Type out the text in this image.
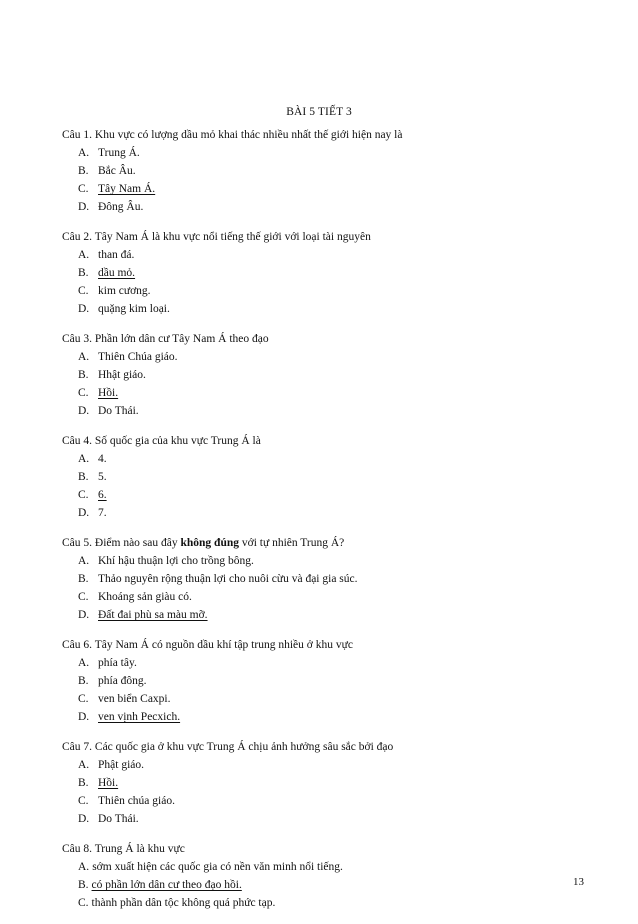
BÀI 5 TIẾT 3
Câu 1. Khu vực có lượng dầu mỏ khai thác nhiều nhất thế giới hiện nay là
A. Trung Á.
B. Bắc Âu.
C. Tây Nam Á.
D. Đông Âu.
Câu 2. Tây Nam Á là khu vực nổi tiếng thế giới với loại tài nguyên
A. than đá.
B. dầu mỏ.
C. kim cương.
D. quặng kim loại.
Câu 3. Phần lớn dân cư Tây Nam Á theo đạo
A. Thiên Chúa giáo.
B. Hhật giáo.
C. Hồi.
D. Do Thái.
Câu 4. Số quốc gia của khu vực Trung Á là
A. 4.
B. 5.
C. 6.
D. 7.
Câu 5. Điểm nào sau đây không đúng với tự nhiên Trung Á?
A. Khí hậu thuận lợi cho trồng bông.
B. Thảo nguyên rộng thuận lợi cho nuôi cừu và đại gia súc.
C. Khoáng sản giàu có.
D. Đất đai phù sa màu mỡ.
Câu 6. Tây Nam Á có nguồn dầu khí tập trung nhiều ở khu vực
A. phía tây.
B. phía đông.
C. ven biển Caxpi.
D. ven vịnh Pecxich.
Câu 7. Các quốc gia ở khu vực Trung Á chịu ảnh hưởng sâu sắc bởi đạo
A. Phật giáo.
B. Hồi.
C. Thiên chúa giáo.
D. Do Thái.
Câu 8. Trung Á là khu vực
A. sớm xuất hiện các quốc gia có nền văn minh nổi tiếng.
B. có phần lớn dân cư theo đạo hồi.
C. thành phần dân tộc không quá phức tạp.
13
